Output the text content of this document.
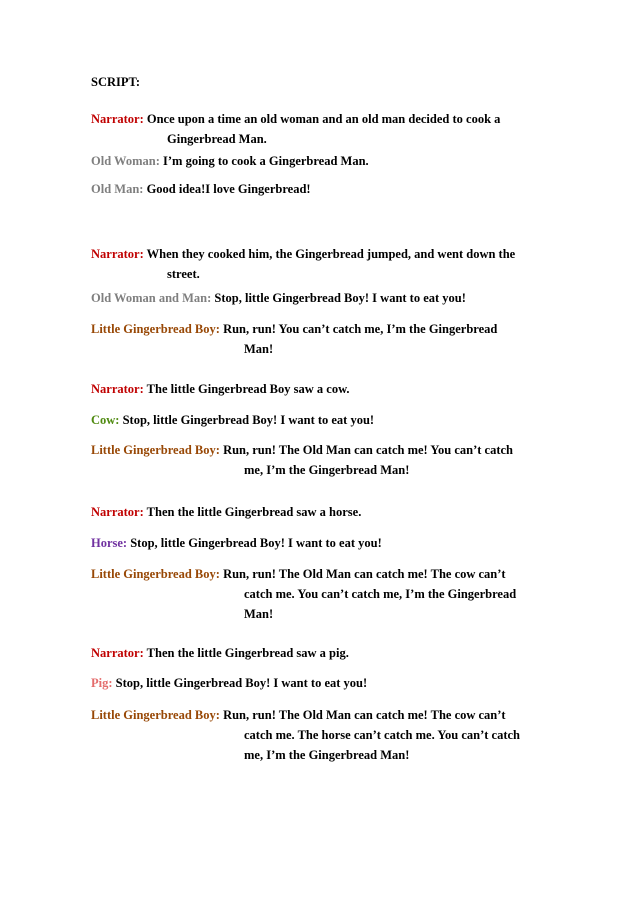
SCRIPT:
Narrator: Once upon a time an old woman and an old man decided to cook a
Gingerbread Man.
Old Woman: I’m going to cook a Gingerbread Man.
Old Man: Good idea!I love Gingerbread!
Narrator: When they cooked him, the Gingerbread jumped, and went down the
street.
Old Woman and Man: Stop, little Gingerbread Boy! I want to eat you!
Little Gingerbread Boy: Run, run! You can’t catch me, I’m the Gingerbread
Man!
Narrator: The little Gingerbread Boy saw a cow.
Cow: Stop, little Gingerbread Boy! I want to eat you!
Little Gingerbread Boy: Run, run! The Old Man can catch me! You can’t catch
me, I’m the Gingerbread Man!
Narrator: Then the little Gingerbread saw a horse.
Horse: Stop, little Gingerbread Boy! I want to eat you!
Little Gingerbread Boy: Run, run! The Old Man can catch me! The cow can’t
catch me. You can’t catch me, I’m the Gingerbread
Man!
Narrator: Then the little Gingerbread saw a pig.
Pig: Stop, little Gingerbread Boy! I want to eat you!
Little Gingerbread Boy: Run, run! The Old Man can catch me! The cow can’t
catch me. The horse can’t catch me. You can’t catch
me, I’m the Gingerbread Man!
